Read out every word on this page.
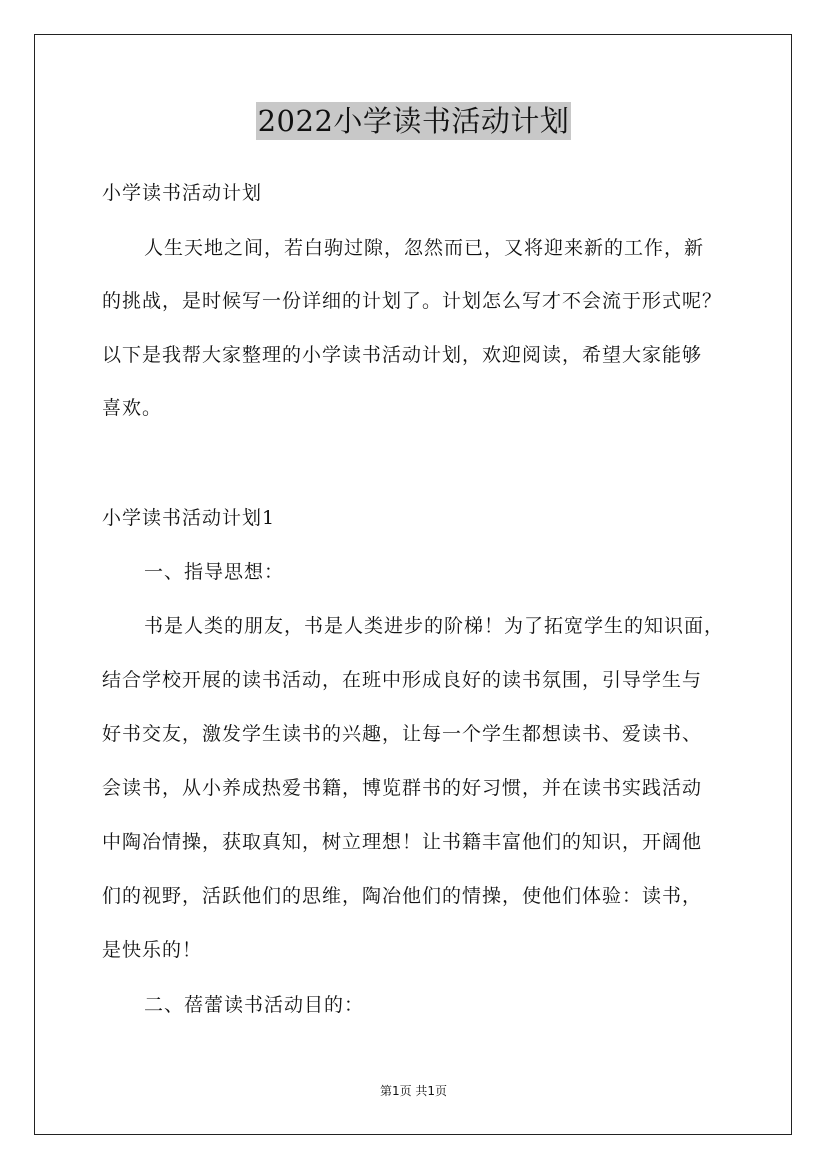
2022小学读书活动计划
小学读书活动计划
人生天地之间，若白驹过隙，忽然而已，又将迎来新的工作，新
的挑战，是时候写一份详细的计划了。计划怎么写才不会流于形式呢？
以下是我帮大家整理的小学读书活动计划，欢迎阅读，希望大家能够
喜欢。
小学读书活动计划1
一、指导思想：
书是人类的朋友，书是人类进步的阶梯！为了拓宽学生的知识面，
结合学校开展的读书活动，在班中形成良好的读书氛围，引导学生与
好书交友，激发学生读书的兴趣，让每一个学生都想读书、爱读书、
会读书，从小养成热爱书籍，博览群书的好习惯，并在读书实践活动
中陶冶情操，获取真知，树立理想！让书籍丰富他们的知识，开阔他
们的视野，活跃他们的思维，陶冶他们的情操，使他们体验：读书，
是快乐的！
二、蓓蕾读书活动目的：
第1页 共1页
